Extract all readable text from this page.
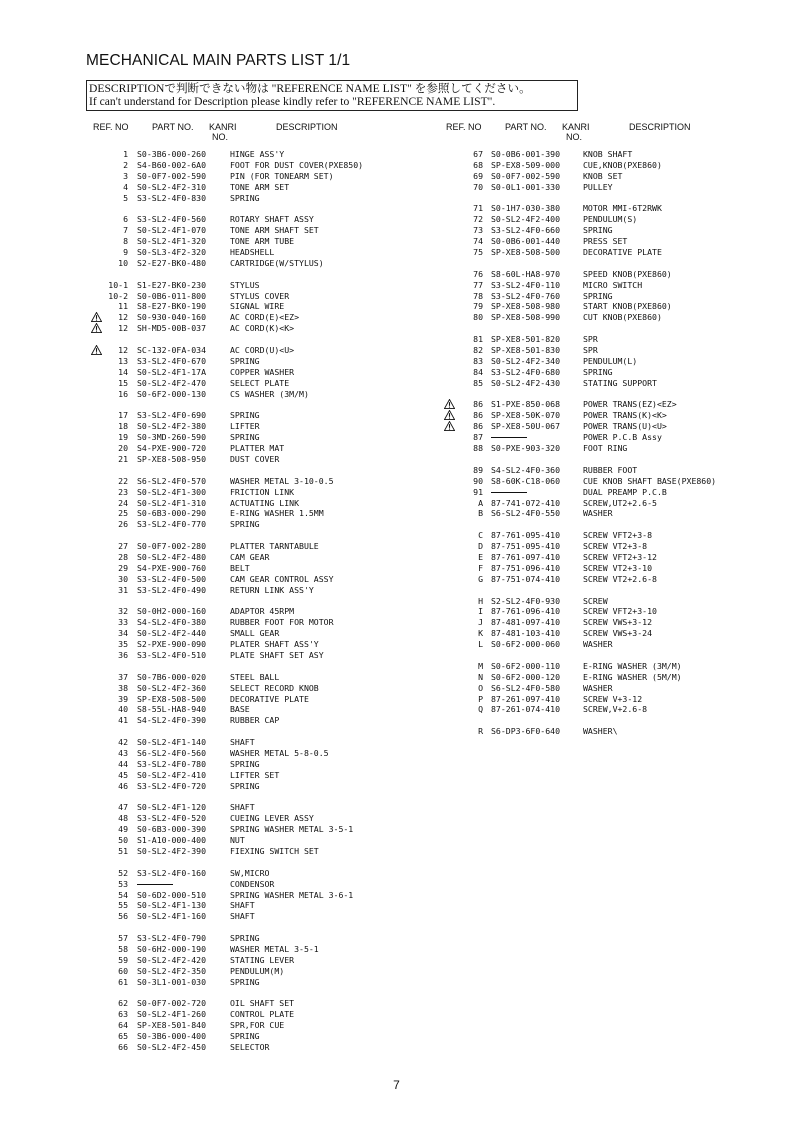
MECHANICAL MAIN PARTS LIST 1/1
DESCRIPTIONで判断できない物は "REFERENCE NAME LIST" を参照してください。
If can't understand for Description please kindly refer to "REFERENCE NAME LIST".
REF. NO	PART NO. KANRI
NO.
DESCRIPTION	REF. NO	PART NO. KANRI
NO.
DESCRIPTION
1 S0-3B6-000-260	HINGE ASS'Y
2 S4-B60-002-6A0	FOOT FOR DUST COVER(PXE850)
3 S0-0F7-002-590	PIN (FOR TONEARM SET)
4 S0-SL2-4F2-310	TONE ARM SET
5 S3-SL2-4F0-830	SPRING
6 S3-SL2-4F0-560	ROTARY SHAFT ASSY
7 S0-SL2-4F1-070	TONE ARM SHAFT SET
8 S0-SL2-4F1-320	TONE ARM TUBE
9 S0-SL3-4F2-320	HEADSHELL
10 S2-E27-BK0-480	CARTRIDGE(W/STYLUS)
10-1 S1-E27-BK0-230	STYLUS
10-2 S0-0B6-011-800	STYLUS COVER
11 S8-E27-BK0-190	SIGNAL WIRE
12 S0-930-040-160	AC CORD(E)<EZ>
12 SH-MD5-00B-037	AC CORD(K)<K>
12 SC-132-0FA-034	AC CORD(U)<U>
13 S3-SL2-4F0-670	SPRING
14 S0-SL2-4F1-17A	COPPER WASHER
15 S0-SL2-4F2-470	SELECT PLATE
16 S0-6F2-000-130	CS WASHER (3M/M)
17 S3-SL2-4F0-690	SPRING
18 S0-SL2-4F2-380	LIFTER
19 S0-3MD-260-590	SPRING
20 S4-PXE-900-720	PLATTER MAT
21 SP-XE8-508-950	DUST COVER
22 S6-SL2-4F0-570	WASHER METAL 3-10-0.5
23 S0-SL2-4F1-300	FRICTION LINK
24 S0-SL2-4F1-310	ACTUATING LINK
25 S0-6B3-000-290	E-RING WASHER 1.5MM
26 S3-SL2-4F0-770	SPRING
27 S0-0F7-002-280	PLATTER TARNTABULE
28 S0-SL2-4F2-480	CAM GEAR
29 S4-PXE-900-760	BELT
30 S3-SL2-4F0-500	CAM GEAR CONTROL ASSY
31 S3-SL2-4F0-490	RETURN LINK ASS'Y
32 S0-0H2-000-160	ADAPTOR 45RPM
33 S4-SL2-4F0-380	RUBBER FOOT FOR MOTOR
34 S0-SL2-4F2-440	SMALL GEAR
35 S2-PXE-900-090	PLATER SHAFT ASS'Y
36 S3-SL2-4F0-510	PLATE SHAFT SET ASY
37 S0-7B6-000-020	STEEL BALL
38 S0-SL2-4F2-360	SELECT RECORD KNOB
39 SP-EX8-508-500	DECORATIVE PLATE
40 S8-55L-HA8-940	BASE
41 S4-SL2-4F0-390	RUBBER CAP
42 S0-SL2-4F1-140	SHAFT
43 S6-SL2-4F0-560	WASHER METAL 5-8-0.5
44 S3-SL2-4F0-780	SPRING
45 S0-SL2-4F2-410	LIFTER SET
46 S3-SL2-4F0-720	SPRING
47 S0-SL2-4F1-120	SHAFT
48 S3-SL2-4F0-520	CUEING LEVER ASSY
49 S0-6B3-000-390	SPRING WASHER METAL 3-5-1
50 S1-A10-000-400	NUT
51 S0-SL2-4F2-390	FIEXING SWITCH SET
52 S3-SL2-4F0-160	SW,MICRO
53	CONDENSOR
54 S0-6D2-000-510	SPRING WASHER METAL 3-6-1
55 S0-SL2-4F1-130	SHAFT
56 S0-SL2-4F1-160	SHAFT
57 S3-SL2-4F0-790	SPRING
58 S0-6H2-000-190	WASHER METAL 3-5-1
59 S0-SL2-4F2-420	STATING LEVER
60 S0-SL2-4F2-350	PENDULUM(M)
61 S0-3L1-001-030	SPRING
62 S0-0F7-002-720	OIL SHAFT SET
63 S0-SL2-4F1-260	CONTROL PLATE
64 SP-XE8-501-840	SPR,FOR CUE
65 S0-3B6-000-400	SPRING
66 S0-SL2-4F2-450	SELECTOR
67 S0-0B6-001-390	KNOB SHAFT
68 SP-EX8-509-000	CUE,KNOB(PXE860)
69 S0-0F7-002-590	KNOB SET
70 S0-0L1-001-330	PULLEY
71 S0-1H7-030-380	MOTOR MMI-6T2RWK
72 S0-SL2-4F2-400	PENDULUM(S)
73 S3-SL2-4F0-660	SPRING
74 S0-0B6-001-440	PRESS SET
75 SP-XE8-508-500	DECORATIVE PLATE
76 S8-60L-HA8-970	SPEED KNOB(PXE860)
77 S3-SL2-4F0-110	MICRO SWITCH
78 S3-SL2-4F0-760	SPRING
79 SP-XE8-508-980	START KNOB(PXE860)
80 SP-XE8-508-990	CUT KNOB(PXE860)
81 SP-XE8-501-820	SPR
82 SP-XE8-501-830	SPR
83 S0-SL2-4F2-340	PENDULUM(L)
84 S3-SL2-4F0-680	SPRING
85 S0-SL2-4F2-430	STATING SUPPORT
86 S1-PXE-850-068	POWER TRANS(EZ)<EZ>
86 SP-XE8-50K-070	POWER TRANS(K)<K>
86 SP-XE8-50U-067	POWER TRANS(U)<U>
87	POWER P.C.B Assy
88 S0-PXE-903-320	FOOT RING
89 S4-SL2-4F0-360	RUBBER FOOT
90 S8-60K-C18-060	CUE KNOB SHAFT BASE(PXE860)
91	DUAL PREAMP P.C.B
A 87-741-072-410	SCREW,UT2+2.6-5
B S6-SL2-4F0-550	WASHER
C 87-761-095-410	SCREW VFT2+3-8
D 87-751-095-410	SCREW VT2+3-8
E 87-761-097-410	SCREW VFT2+3-12
F 87-751-096-410	SCREW VT2+3-10
G 87-751-074-410	SCREW VT2+2.6-8
H S2-SL2-4F0-930	SCREW
I 87-761-096-410	SCREW VFT2+3-10
J 87-481-097-410	SCREW VWS+3-12
K 87-481-103-410	SCREW VWS+3-24
L S0-6F2-000-060	WASHER
M S0-6F2-000-110	E-RING WASHER (3M/M)
N S0-6F2-000-120	E-RING WASHER (5M/M)
O S6-SL2-4F0-580	WASHER
P 87-261-097-410	SCREW V+3-12
Q 87-261-074-410	SCREW,V+2.6-8
R S6-DP3-6F0-640	WASHER\
7
